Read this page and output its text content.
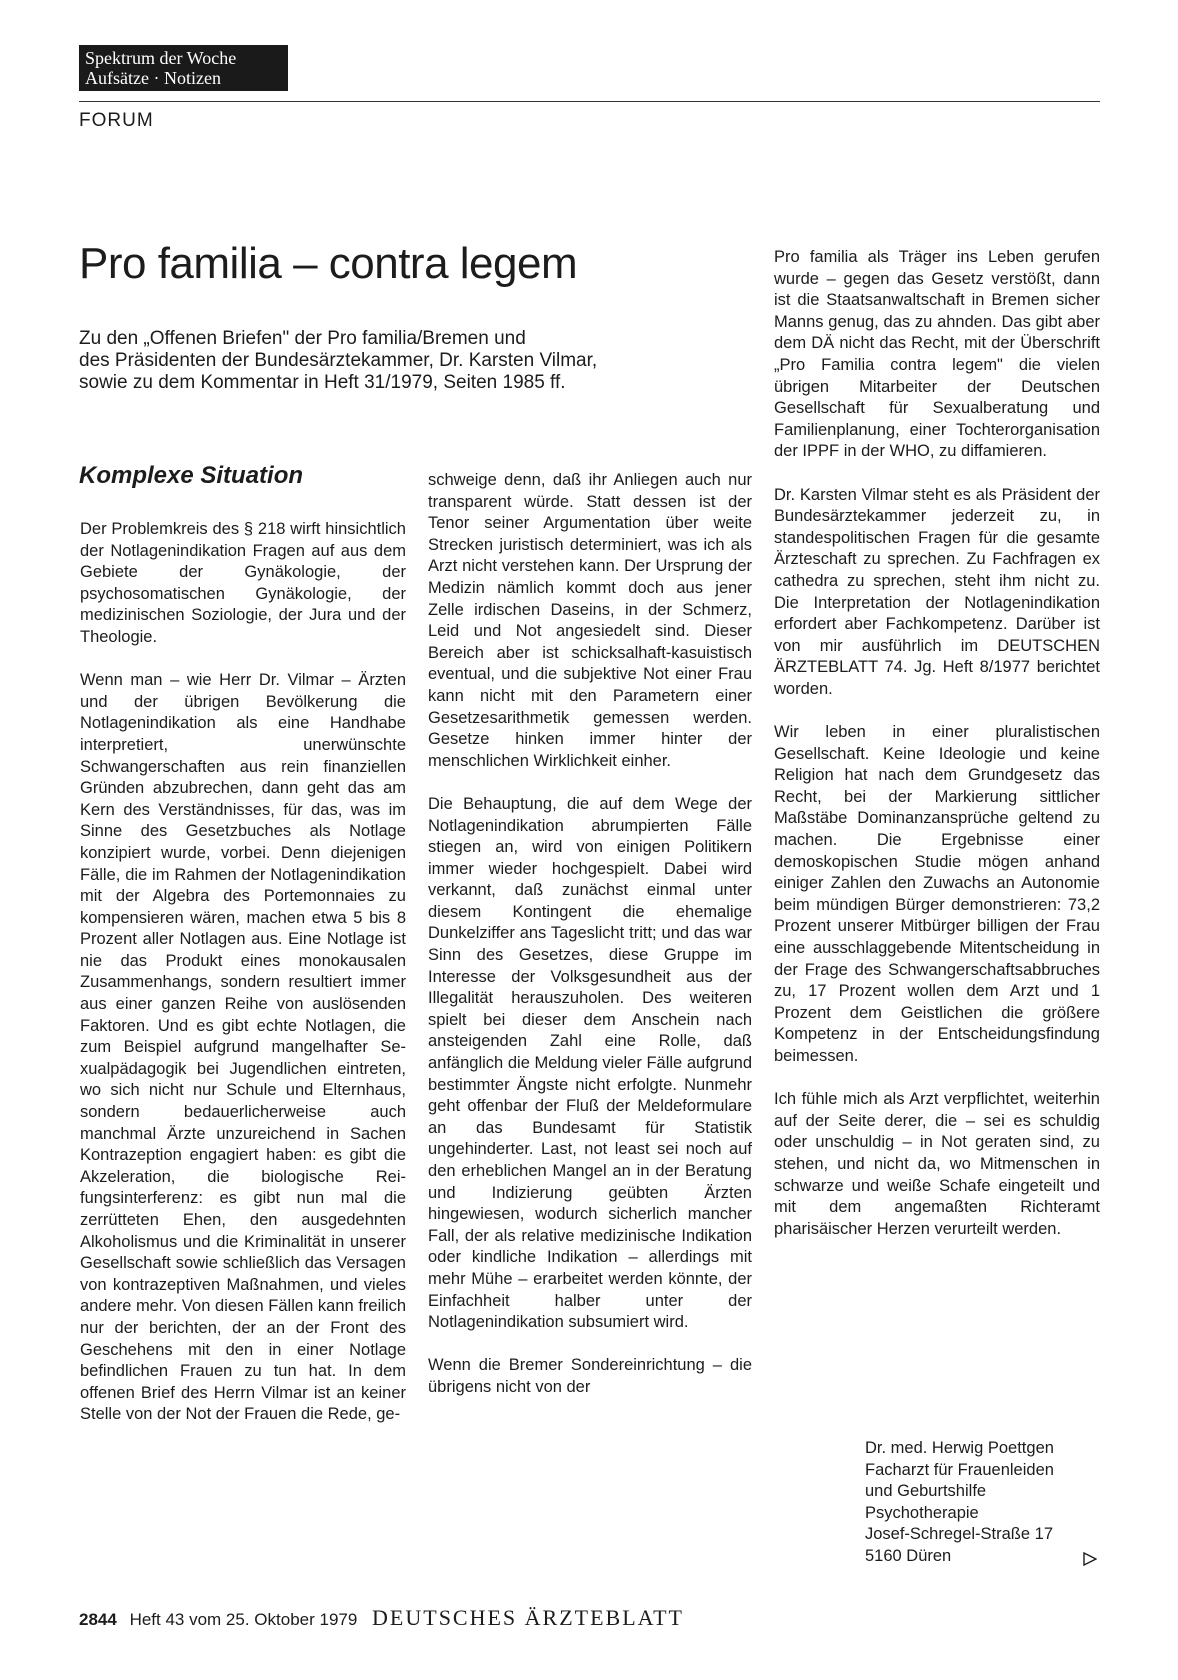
Spektrum der Woche
Aufsätze · Notizen
FORUM
Pro familia – contra legem

Zu den „Offenen Briefen" der Pro familia/Bremen und

des Präsidenten der Bundesärztekammer, Dr. Karsten Vilmar,

sowie zu dem Kommentar in Heft 31/1979, Seiten 1985 ff.

Komplexe Situation

Der Problemkreis des § 218 wirft hinsichtlich der Notlagenindikation Fragen auf aus dem Gebiete der Gynäkologie, der psychosomatischen Gynäkologie, der medizinischen Soziologie, der Jura und der Theologie.

Wenn man – wie Herr Dr. Vilmar – Ärzten und der übrigen Bevölkerung die Notlagenindikation als eine Handhabe interpretiert, unerwünschte Schwangerschaften aus rein finanziellen Gründen abzubrechen, dann geht das am Kern des Verständnisses, für das, was im Sinne des Gesetzbuches als Notlage konzipiert wurde, vorbei. Denn diejenigen Fälle, die im Rahmen der Notlagenindikation mit der Algebra des Portemonnaies zu kompensieren wären, machen etwa 5 bis 8 Prozent aller Notlagen aus. Eine Notlage ist nie das Produkt eines monokausalen Zusammenhangs, sondern resultiert immer aus einer ganzen Reihe von auslösenden Faktoren. Und es gibt echte Notlagen, die zum Beispiel aufgrund mangelhafter Sexualpädagogik bei Jugendlichen eintreten, wo sich nicht nur Schule und Elternhaus, sondern bedauerlicherweise auch manchmal Ärzte unzureichend in Sachen Kontrazeption engagiert haben: es gibt die Akzeleration, die biologische Reifungsinterferenz: es gibt nun mal die zerrütteten Ehen, den ausgedehnten Alkoholismus und die Kriminalität in unserer Gesellschaft sowie schließlich das Versagen von kontrazeptiven Maßnahmen, und vieles andere mehr. Von diesen Fällen kann freilich nur der berichten, der an der Front des Geschehens mit den in einer Notlage befindlichen Frauen zu tun hat. In dem offenen Brief des Herrn Vilmar ist an keiner Stelle von der Not der Frauen die Rede, ge-

schweige denn, daß ihr Anliegen auch nur transparent würde. Statt dessen ist der Tenor seiner Argumentation über weite Strecken juristisch determiniert, was ich als Arzt nicht verstehen kann. Der Ursprung der Medizin nämlich kommt doch aus jener Zelle irdischen Daseins, in der Schmerz, Leid und Not angesiedelt sind. Dieser Bereich aber ist schicksalhaft-kasuistisch eventual, und die subjektive Not einer Frau kann nicht mit den Parametern einer Gesetzesarithmetik gemessen werden. Gesetze hinken immer hinter der menschlichen Wirklichkeit einher.

Die Behauptung, die auf dem Wege der Notlagenindikation abrumpierten Fälle stiegen an, wird von einigen Politikern immer wieder hochgespielt. Dabei wird verkannt, daß zunächst einmal unter diesem Kontingent die ehemalige Dunkelziffer ans Tageslicht tritt; und das war Sinn des Gesetzes, diese Gruppe im Interesse der Volksgesundheit aus der Illegalität herauszuholen. Des weiteren spielt bei dieser dem Anschein nach ansteigenden Zahl eine Rolle, daß anfänglich die Meldung vieler Fälle aufgrund bestimmter Ängste nicht erfolgte. Nunmehr geht offenbar der Fluß der Meldeformulare an das Bundesamt für Statistik ungehinderter. Last, not least sei noch auf den erheblichen Mangel an in der Beratung und Indizierung geübten Ärzten hingewiesen, wodurch sicherlich mancher Fall, der als relative medizinische Indikation oder kindliche Indikation – allerdings mit mehr Mühe – erarbeitet werden könnte, der Einfachheit halber unter der Notlagenindikation subsumiert wird.

Wenn die Bremer Sondereinrichtung – die übrigens nicht von der

Pro familia als Träger ins Leben gerufen wurde – gegen das Gesetz verstößt, dann ist die Staatsanwaltschaft in Bremen sicher Manns genug, das zu ahnden. Das gibt aber dem DÄ nicht das Recht, mit der Überschrift „Pro Familia contra legem" die vielen übrigen Mitarbeiter der Deutschen Gesellschaft für Sexualberatung und Familienplanung, einer Tochterorganisation der IPPF in der WHO, zu diffamieren.

Dr. Karsten Vilmar steht es als Präsident der Bundesärztekammer jederzeit zu, in standespolitischen Fragen für die gesamte Ärzteschaft zu sprechen. Zu Fachfragen ex cathedra zu sprechen, steht ihm nicht zu. Die Interpretation der Notlagenindikation erfordert aber Fachkompetenz. Darüber ist von mir ausführlich im DEUTSCHEN ÄRZTEBLATT 74. Jg. Heft 8/1977 berichtet worden.

Wir leben in einer pluralistischen Gesellschaft. Keine Ideologie und keine Religion hat nach dem Grundgesetz das Recht, bei der Markierung sittlicher Maßstäbe Dominanzansprüche geltend zu machen. Die Ergebnisse einer demoskopischen Studie mögen anhand einiger Zahlen den Zuwachs an Autonomie beim mündigen Bürger demonstrieren: 73,2 Prozent unserer Mitbürger billigen der Frau eine ausschlaggebende Mitentscheidung in der Frage des Schwangerschaftsabbruches zu, 17 Prozent wollen dem Arzt und 1 Prozent dem Geistlichen die größere Kompetenz in der Entscheidungsfindung beimessen.

Ich fühle mich als Arzt verpflichtet, weiterhin auf der Seite derer, die – sei es schuldig oder unschuldig – in Not geraten sind, zu stehen, und nicht da, wo Mitmenschen in schwarze und weiße Schafe eingeteilt und mit dem angemaßten Richteramt pharisäischer Herzen verurteilt werden.

Dr. med. Herwig Poettgen
Facharzt für Frauenleiden
und Geburtshilfe
Psychotherapie
Josef-Schregel-Straße 17
5160 Düren
2844 Heft 43 vom 25. Oktober 1979 DEUTSCHES ÄRZTEBLATT
